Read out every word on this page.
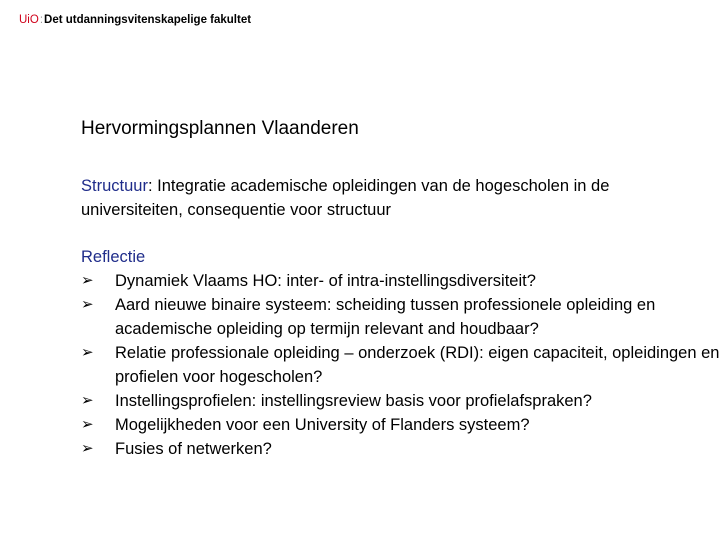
UiO:Det utdanningsvitenskapelige fakultet
Hervormingsplannen Vlaanderen
Structuur: Integratie academische opleidingen van de hogescholen in de universiteiten, consequentie voor structuur
Reflectie
➢ Dynamiek Vlaams HO: inter- of intra-instellingsdiversiteit?
➢ Aard nieuwe binaire systeem: scheiding tussen professionele opleiding en academische opleiding op termijn relevant and houdbaar?
➢ Relatie professionale opleiding – onderzoek (RDI): eigen capaciteit, opleidingen en profielen voor hogescholen?
➢ Instellingsprofielen: instellingsreview basis voor profielafspraken?
➢ Mogelijkheden voor een University of Flanders systeem?
➢ Fusies of netwerken?
